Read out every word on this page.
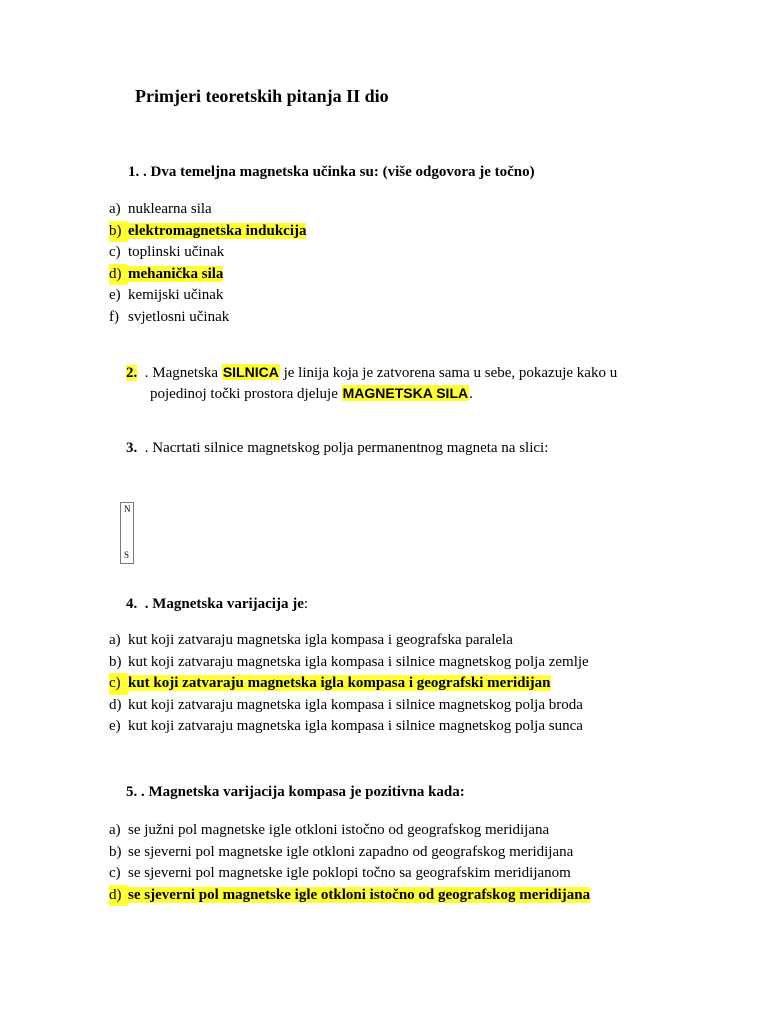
Primjeri teoretskih pitanja II dio

1. . Dva temeljna magnetska učinka su: (više odgovora je točno)

a) nuklearna sila
b) elektromagnetska indukcija
c) toplinski učinak
d) mehanička sila
e) kemijski učinak
f) svjetlosni učinak

2. . Magnetska SILNICA je linija koja je zatvorena sama u sebe, pokazuje kako u
pojedinoj točki prostora djeluje MAGNETSKA SILA.

3. . Nacrtati silnice magnetskog polja permanentnog magneta na slici:

N
S

4. . Magnetska varijacija je:

a) kut koji zatvaraju magnetska igla kompasa i geografska paralela
b) kut koji zatvaraju magnetska igla kompasa i silnice magnetskog polja zemlje
c) kut koji zatvaraju magnetska igla kompasa i geografski meridijan
d) kut koji zatvaraju magnetska igla kompasa i silnice magnetskog polja broda
e) kut koji zatvaraju magnetska igla kompasa i silnice magnetskog polja sunca

5. . Magnetska varijacija kompasa je pozitivna kada:

a) se južni pol magnetske igle otkloni istočno od geografskog meridijana
b) se sjeverni pol magnetske igle otkloni zapadno od geografskog meridijana
c) se sjeverni pol magnetske igle poklopi točno sa geografskim meridijanom
d) se sjeverni pol magnetske igle otkloni istočno od geografskog meridijana
